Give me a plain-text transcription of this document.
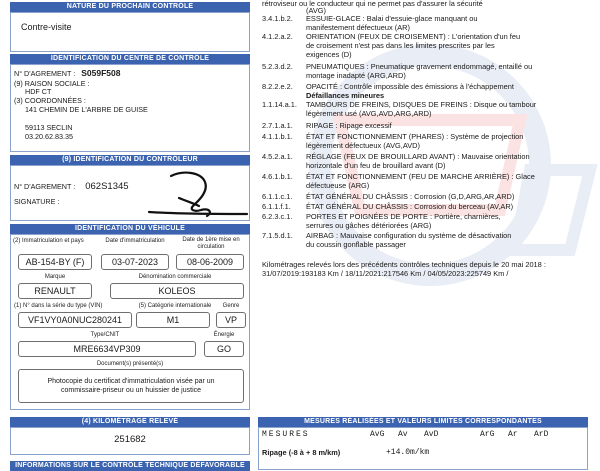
NATURE DU PROCHAIN CONTRÔLE
Contre-visite
IDENTIFICATION DU CENTRE DE CONTRÔLE
N° D'AGREMENT : S059F508
(9) RAISON SOCIALE :
HDF CT
(3) COORDONNÉES :
141 CHEMIN DE L'ARBRE DE GUISE
59113 SECLIN
03.20.62.83.35
(9) IDENTIFICATION DU CONTRÔLEUR
N° D'AGREMENT : 062S1345
SIGNATURE :
IDENTIFICATION DU VÉHICULE
(2) Immatriculation et pays	Date d'immatriculation	Date de 1ère mise en circulation
AB-154-BY (F)	03-07-2023	08-06-2009
Marque	Dénomination commerciale
RENAULT	KOLEOS
(1) N° dans la série du type (VIN)	(5) Catégorie internationale	Genre
VF1VY0A0NUC280241	M1	VP
Type/CNIT	Énergie
MRE6634VP309	GO
Document(s) présenté(s)
Photocopie du certificat d'immatriculation visée par un
commissaire-priseur ou un huissier de justice
(4) KILOMÉTRAGE RELEVÉ
251682
INFORMATIONS SUR LE CONTRÔLE TECHNIQUE DÉFAVORABLE
rétroviseur ou le conducteur qui ne permet pas d'assurer la sécurité
(AVG)
3.4.1.b.2. ESSUIE-GLACE : Balai d'essuie-glace manquant ou
manifestement défectueux (AR)
4.1.2.a.2. ORIENTATION (FEUX DE CROISEMENT) : L'orientation d'un feu
de croisement n'est pas dans les limites prescrites par les
exigences (D)
5.2.3.d.2. PNEUMATIQUES : Pneumatique gravement endommagé, entaillé ou
montage inadapté (ARG,ARD)
8.2.2.e.2. OPACITÉ : Contrôle impossible des émissions à l'échappement
Défaillances mineures
1.1.14.a.1. TAMBOURS DE FREINS, DISQUES DE FREINS : Disque ou tambour
légèrement usé (AVG,AVD,ARG,ARD)
2.7.1.a.1. RIPAGE : Ripage excessif
4.1.1.b.1. ÉTAT ET FONCTIONNEMENT (PHARES) : Système de projection
légèrement défectueux (AVG,AVD)
4.5.2.a.1. RÉGLAGE (FEUX DE BROUILLARD AVANT) : Mauvaise orientation
horizontale d'un feu de brouillard avant (D)
4.6.1.b.1. ÉTAT ET FONCTIONNEMENT (FEU DE MARCHE ARRIÈRE) : Glace
défectueuse (ARG)
6.1.1.c.1. ÉTAT GÉNÉRAL DU CHÂSSIS : Corrosion (G,D,ARG,AR,ARD)
6.1.1.f.1. ÉTAT GÉNÉRAL DU CHÂSSIS : Corrosion du berceau (AV,AR)
6.2.3.c.1. PORTES ET POIGNÉES DE PORTE : Portière, charnières,
serrures ou gâches détériorées (ARG)
7.1.5.d.1. AIRBAG : Mauvaise configuration du système de désactivation
du coussin gonflable passager
Kilométrages relevés lors des précédents contrôles techniques depuis le 20 mai 2018 :
31/07/2019:193183 Km / 18/11/2021:217546 Km / 04/05/2023:225749 Km /
MESURES RÉALISÉES ET VALEURS LIMITES CORRESPONDANTES
MESURES	AvG Av AvD	ArG Ar ArD
Ripage (-8 à + 8 m/km)	+14.0m/km
